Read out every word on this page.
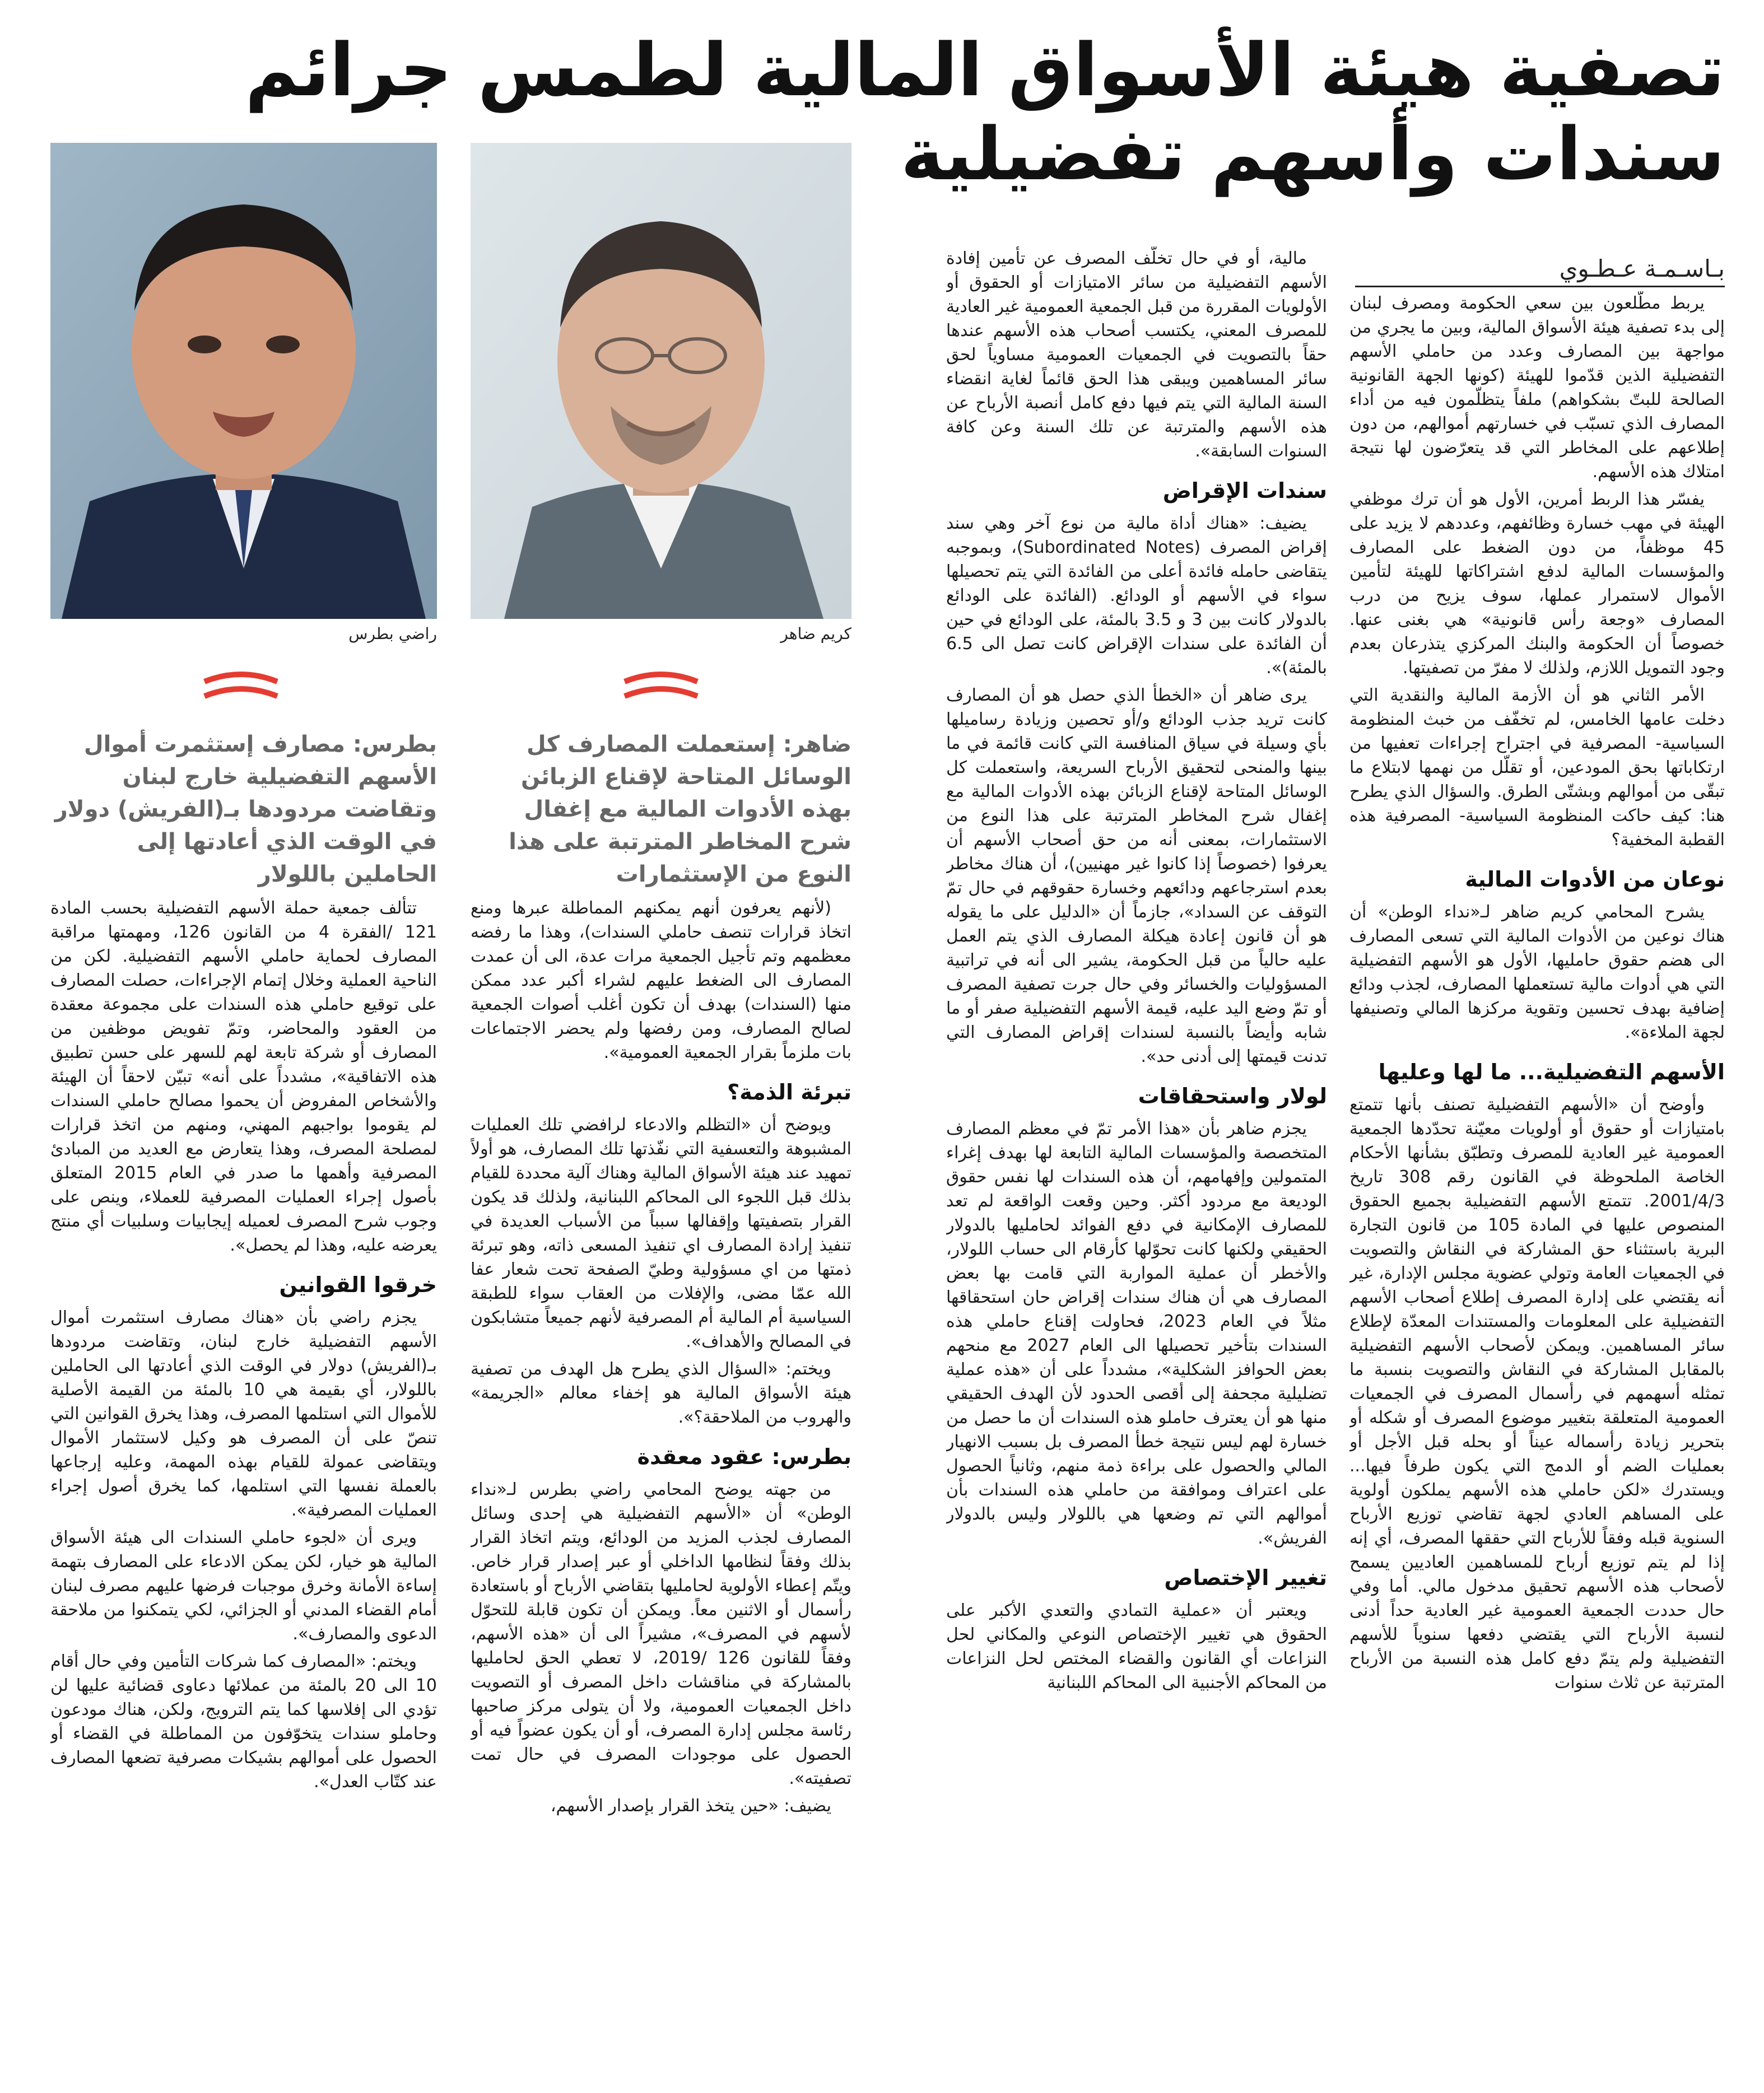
تصفية هيئة الأسواق المالية لطمس جرائم سندات وأسهم تفضيلية
بـاسـمـة عـطـوي

يربط مطّلعون بين سعي الحكومة ومصرف لبنان إلى بدء تصفية هيئة الأسواق المالية، وبين ما يجري من مواجهة بين المصارف وعدد من حاملي الأسهم التفضيلية الذين قدّموا للهيئة (كونها الجهة القانونية الصالحة للبتّ بشكواهم) ملفاً يتظلّمون فيه من أداء المصارف الذي تسبّب في خسارتهم أموالهم، من دون إطلاعهم على المخاطر التي قد يتعرّضون لها نتيجة امتلاك هذه الأسهم.

يفسّر هذا الربط أمرين، الأول هو أن ترك موظفي الهيئة في مهب خسارة وظائفهم، وعددهم لا يزيد على 45 موظفاً، من دون الضغط على المصارف والمؤسسات المالية لدفع اشتراكاتها للهيئة لتأمين الأموال لاستمرار عملها، سوف يزيح من درب المصارف «وجعة رأس قانونية» هي بغنى عنها. خصوصاً أن الحكومة والبنك المركزي يتذرعان بعدم وجود التمويل اللازم، ولذلك لا مفرّ من تصفيتها.

الأمر الثاني هو أن الأزمة المالية والنقدية التي دخلت عامها الخامس، لم تخفّف من خبث المنظومة السياسية- المصرفية في اجتراح إجراءات تعفيها من ارتكاباتها بحق المودعين، أو تقلّل من نهمها لابتلاع ما تبقّى من أموالهم وبشتّى الطرق. والسؤال الذي يطرح هنا: كيف حاكت المنظومة السياسية- المصرفية هذه القطبة المخفية؟

نوعان من الأدوات المالية

يشرح المحامي كريم ضاهر لـ«نداء الوطن» أن هناك نوعين من الأدوات المالية التي تسعى المصارف الى هضم حقوق حامليها، الأول هو الأسهم التفضيلية التي هي أدوات مالية تستعملها المصارف، لجذب ودائع إضافية بهدف تحسين وتقوية مركزها المالي وتصنيفها لجهة الملاءة».

الأسهم التفضيلية... ما لها وعليها

وأوضح أن «الأسهم التفضيلية تصنف بأنها تتمتع بامتيازات أو حقوق أو أولويات معيّنة تحدّدها الجمعية العمومية غير العادية للمصرف وتطبّق بشأنها الأحكام الخاصة الملحوظة في القانون رقم 308 تاريخ 2001/4/3. تتمتع الأسهم التفضيلية بجميع الحقوق المنصوص عليها في المادة 105 من قانون التجارة البرية باستثناء حق المشاركة في النقاش والتصويت في الجمعيات العامة وتولي عضوية مجلس الإدارة، غير أنه يقتضي على إدارة المصرف إطلاع أصحاب الأسهم التفضيلية على المعلومات والمستندات المعدّة لإطلاع سائر المساهمين. ويمكن لأصحاب الأسهم التفضيلية بالمقابل المشاركة في النقاش والتصويت بنسبة ما تمثله أسهمهم في رأسمال المصرف في الجمعيات العمومية المتعلقة بتغيير موضوع المصرف أو شكله أو بتحرير زيادة رأسماله عيناً أو بحله قبل الأجل أو بعمليات الضم أو الدمج التي يكون طرفاً فيها... ويستدرك «لكن حاملي هذه الأسهم يملكون أولوية على المساهم العادي لجهة تقاضي توزيع الأرباح السنوية قبله وفقاً للأرباح التي حققها المصرف، أي إنه إذا لم يتم توزيع أرباح للمساهمين العاديين يسمح لأصحاب هذه الأسهم تحقيق مدخول مالي. أما وفي حال حددت الجمعية العمومية غير العادية حداً أدنى لنسبة الأرباح التي يقتضي دفعها سنوياً للأسهم التفضيلية ولم يتمّ دفع كامل هذه النسبة من الأرباح المترتبة عن ثلاث سنوات

مالية، أو في حال تخلّف المصرف عن تأمين إفادة الأسهم التفضيلية من سائر الامتيازات أو الحقوق أو الأولويات المقررة من قبل الجمعية العمومية غير العادية للمصرف المعني، يكتسب أصحاب هذه الأسهم عندها حقاً بالتصويت في الجمعيات العمومية مساوياً لحق سائر المساهمين ويبقى هذا الحق قائماً لغاية انقضاء السنة المالية التي يتم فيها دفع كامل أنصبة الأرباح عن هذه الأسهم والمترتبة عن تلك السنة وعن كافة السنوات السابقة».

سندات الإقراض

يضيف: «هناك أداة مالية من نوع آخر وهي سند إقراض المصرف (Subordinated Notes)، وبموجبه يتقاضى حامله فائدة أعلى من الفائدة التي يتم تحصيلها سواء في الأسهم أو الودائع. (الفائدة على الودائع بالدولار كانت بين 3 و 3.5 بالمئة، على الودائع في حين أن الفائدة على سندات الإقراض كانت تصل الى 6.5 بالمئة)».

يرى ضاهر أن «الخطأ الذي حصل هو أن المصارف كانت تريد جذب الودائع و/أو تحصين وزيادة رساميلها بأي وسيلة في سياق المنافسة التي كانت قائمة في ما بينها والمنحى لتحقيق الأرباح السريعة، واستعملت كل الوسائل المتاحة لإقناع الزبائن بهذه الأدوات المالية مع إغفال شرح المخاطر المترتبة على هذا النوع من الاستثمارات، بمعنى أنه من حق أصحاب الأسهم أن يعرفوا (خصوصاً إذا كانوا غير مهنيين)، أن هناك مخاطر بعدم استرجاعهم ودائعهم وخسارة حقوقهم في حال تمّ التوقف عن السداد»، جازماً أن «الدليل على ما يقوله هو أن قانون إعادة هيكلة المصارف الذي يتم العمل عليه حالياً من قبل الحكومة، يشير الى أنه في تراتبية المسؤوليات والخسائر وفي حال جرت تصفية المصرف أو تمّ وضع اليد عليه، قيمة الأسهم التفضيلية صفر أو ما شابه وأيضاً بالنسبة لسندات إقراض المصارف التي تدنت قيمتها إلى أدنى حد».

لولار واستحقاقات

يجزم ضاهر بأن «هذا الأمر تمّ في معظم المصارف المتخصصة والمؤسسات المالية التابعة لها بهدف إغراء المتمولين وإفهامهم، أن هذه السندات لها نفس حقوق الوديعة مع مردود أكثر. وحين وقعت الواقعة لم تعد للمصارف الإمكانية في دفع الفوائد لحامليها بالدولار الحقيقي ولكنها كانت تحوّلها كأرقام الى حساب اللولار، والأخطر أن عملية المواربة التي قامت بها بعض المصارف هي أن هناك سندات إقراض حان استحقاقها مثلاً في العام 2023، فحاولت إقناع حاملي هذه السندات بتأخير تحصيلها الى العام 2027 مع منحهم بعض الحوافز الشكلية»، مشدداً على أن «هذه عملية تضليلية مجحفة إلى أقصى الحدود لأن الهدف الحقيقي منها هو أن يعترف حاملو هذه السندات أن ما حصل من خسارة لهم ليس نتيجة خطأ المصرف بل بسبب الانهيار المالي والحصول على براءة ذمة منهم، وثانياً الحصول على اعتراف وموافقة من حاملي هذه السندات بأن أموالهم التي تم وضعها هي باللولار وليس بالدولار الفريش».

تغيير الإختصاص

ويعتبر أن «عملية التمادي والتعدي الأكبر على الحقوق هي تغيير الإختصاص النوعي والمكاني لحل النزاعات أي القانون والقضاء المختص لحل النزاعات من المحاكم الأجنبية الى المحاكم اللبنانية

كريم ضاهر
راضي بطرس
ضاهر: إستعملت المصارف كل الوسائل المتاحة لإقناع الزبائن بهذه الأدوات المالية مع إغفال شرح المخاطر المترتبة على هذا النوع من الإستثمارات
بطرس: مصارف إستثمرت أموال الأسهم التفضيلية خارج لبنان وتقاضت مردودها بـ(الفريش) دولار في الوقت الذي أعادتها إلى الحاملين باللولار

(لأنهم يعرفون أنهم يمكنهم المماطلة عبرها ومنع اتخاذ قرارات تنصف حاملي السندات)، وهذا ما رفضه معظمهم وتم تأجيل الجمعية مرات عدة، الى أن عمدت المصارف الى الضغط عليهم لشراء أكبر عدد ممكن منها (السندات) بهدف أن تكون أغلب أصوات الجمعية لصالح المصارف، ومن رفضها ولم يحضر الاجتماعات بات ملزماً بقرار الجمعية العمومية».

تبرئة الذمة؟

ويوضح أن «التظلم والادعاء لرافضي تلك العمليات المشبوهة والتعسفية التي نفّذتها تلك المصارف، هو أولاً تمهيد عند هيئة الأسواق المالية وهناك آلية محددة للقيام بذلك قبل اللجوء الى المحاكم اللبنانية، ولذلك قد يكون القرار بتصفيتها وإقفالها سبباً من الأسباب العديدة في تنفيذ إرادة المصارف اي تنفيذ المسعى ذاته، وهو تبرئة ذمتها من اي مسؤولية وطيّ الصفحة تحت شعار عفا الله عمّا مضى، والإفلات من العقاب سواء للطبقة السياسية أم المالية أم المصرفية لأنهم جميعاً متشابكون في المصالح والأهداف».

ويختم: «السؤال الذي يطرح هل الهدف من تصفية هيئة الأسواق المالية هو إخفاء معالم «الجريمة» والهروب من الملاحقة؟».

بطرس: عقود معقدة

من جهته يوضح المحامي راضي بطرس لـ«نداء الوطن» أن «الأسهم التفضيلية هي إحدى وسائل المصارف لجذب المزيد من الودائع، ويتم اتخاذ القرار بذلك وفقاً لنظامها الداخلي أو عبر إصدار قرار خاص. ويتّم إعطاء الأولوية لحامليها بتقاضي الأرباح أو باستعادة رأسمال أو الاثنين معاً. ويمكن أن تكون قابلة للتحوّل لأسهم في المصرف»، مشيراً الى أن «هذه الأسهم، وفقاً للقانون 126 /2019، لا تعطي الحق لحامليها بالمشاركة في مناقشات داخل المصرف أو التصويت داخل الجمعيات العمومية، ولا أن يتولى مركز صاحبها رئاسة مجلس إدارة المصرف، أو أن يكون عضواً فيه أو الحصول على موجودات المصرف في حال تمت تصفيته».

يضيف: «حين يتخذ القرار بإصدار الأسهم،

تتألف جمعية حملة الأسهم التفضيلية بحسب المادة 121 /الفقرة 4 من القانون 126، ومهمتها مراقبة المصارف لحماية حاملي الأسهم التفضيلية. لكن من الناحية العملية وخلال إتمام الإجراءات، حصلت المصارف على توقيع حاملي هذه السندات على مجموعة معقدة من العقود والمحاضر، وتمّ تفويض موظفين من المصارف أو شركة تابعة لهم للسهر على حسن تطبيق هذه الاتفاقية»، مشدداً على أنه» تبيّن لاحقاً أن الهيئة والأشخاص المفروض أن يحموا مصالح حاملي السندات لم يقوموا بواجبهم المهني، ومنهم من اتخذ قرارات لمصلحة المصرف، وهذا يتعارض مع العديد من المبادئ المصرفية وأهمها ما صدر في العام 2015 المتعلق بأصول إجراء العمليات المصرفية للعملاء، وينص على وجوب شرح المصرف لعميله إيجابيات وسلبيات أي منتج يعرضه عليه، وهذا لم يحصل».

خرقوا القوانين

يجزم راضي بأن «هناك مصارف استثمرت أموال الأسهم التفضيلية خارج لبنان، وتقاضت مردودها بـ(الفريش) دولار في الوقت الذي أعادتها الى الحاملين باللولار، أي بقيمة هي 10 بالمئة من القيمة الأصلية للأموال التي استلمها المصرف، وهذا يخرق القوانين التي تنصّ على أن المصرف هو وكيل لاستثمار الأموال ويتقاضى عمولة للقيام بهذه المهمة، وعليه إرجاعها بالعملة نفسها التي استلمها، كما يخرق أصول إجراء العمليات المصرفية».

ويرى أن «لجوء حاملي السندات الى هيئة الأسواق المالية هو خيار، لكن يمكن الادعاء على المصارف بتهمة إساءة الأمانة وخرق موجبات فرضها عليهم مصرف لبنان أمام القضاء المدني أو الجزائي، لكي يتمكنوا من ملاحقة الدعوى والمصارف».

ويختم: «المصارف كما شركات التأمين وفي حال أقام 10 الى 20 بالمئة من عملائها دعاوى قضائية عليها لن تؤدي الى إفلاسها كما يتم الترويج، ولكن، هناك مودعون وحاملو سندات يتخوّفون من المماطلة في القضاء أو الحصول على أموالهم بشيكات مصرفية تضعها المصارف عند كتّاب العدل».
